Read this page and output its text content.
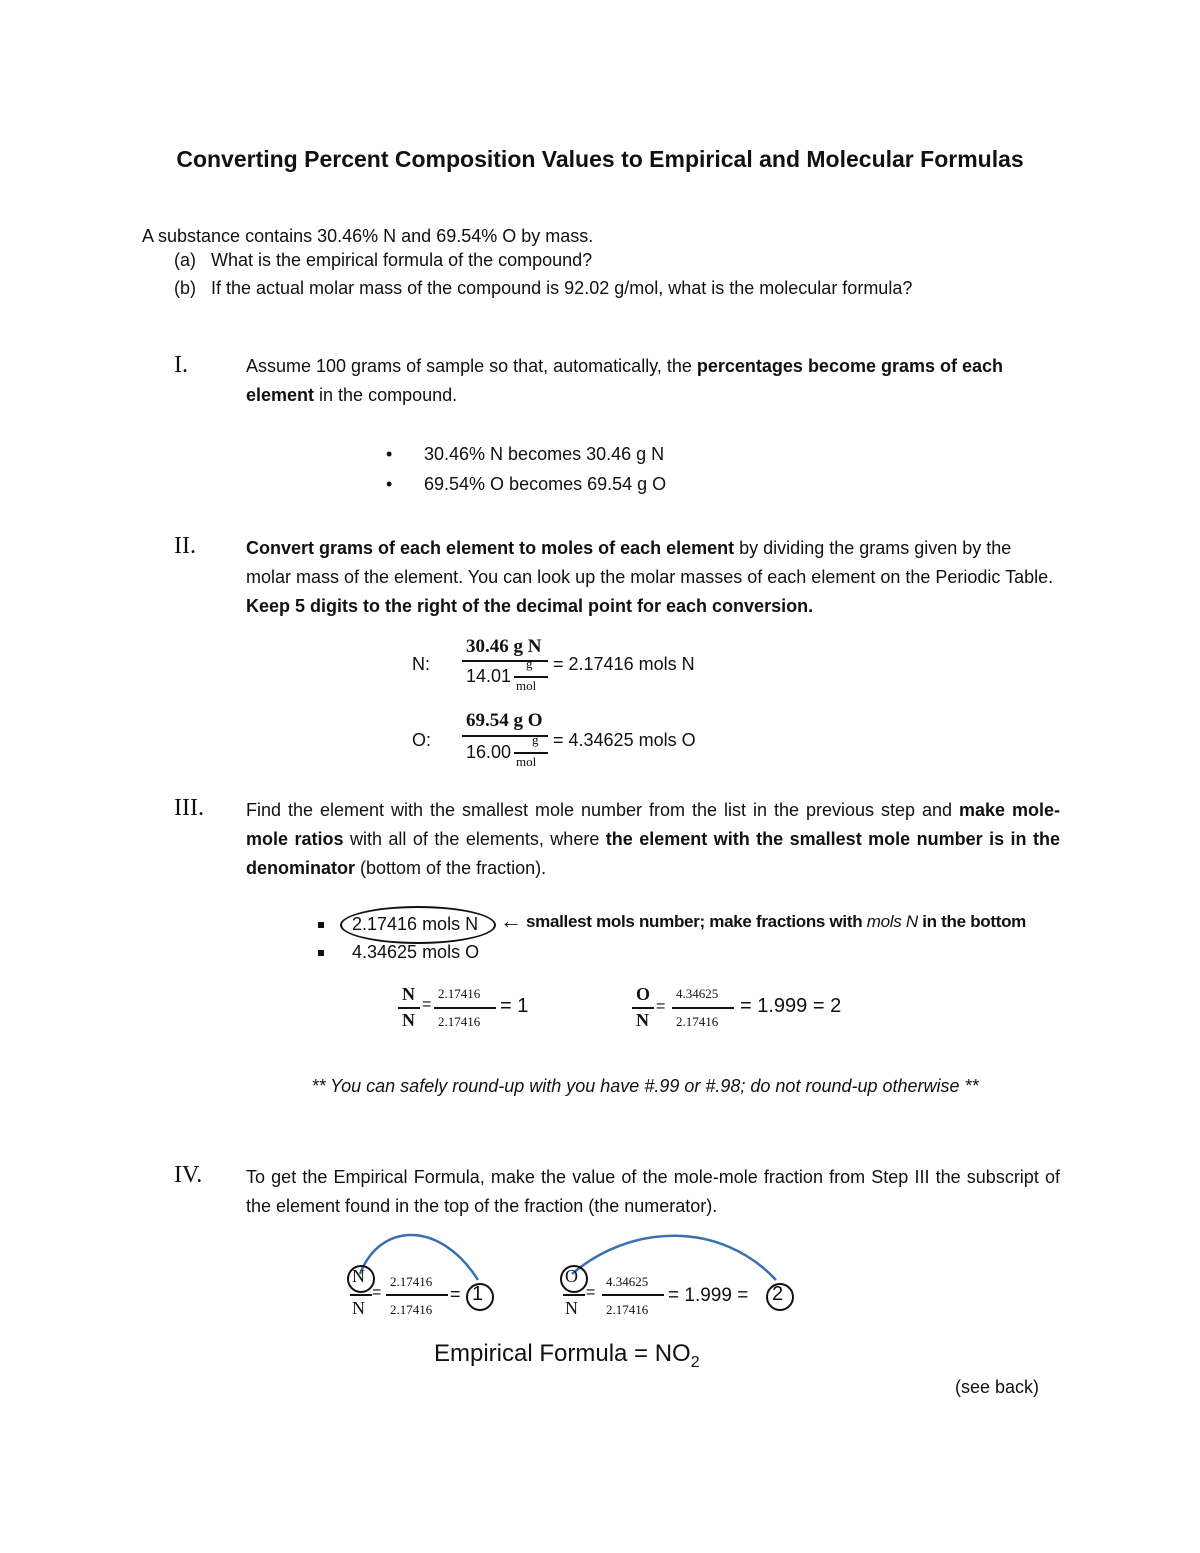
Converting Percent Composition Values to Empirical and Molecular Formulas
A substance contains 30.46% N and 69.54% O by mass.
(a) What is the empirical formula of the compound?
(b) If the actual molar mass of the compound is 92.02 g/mol, what is the molecular formula?
I.	Assume 100 grams of sample so that, automatically, the percentages become grams of each element in the compound.
• 30.46% N becomes 30.46 g N
• 69.54% O becomes 69.54 g O
II.	Convert grams of each element to moles of each element by dividing the grams given by the molar mass of the element. You can look up the molar masses of each element on the Periodic Table. Keep 5 digits to the right of the decimal point for each conversion.
N:
30.46 g N
14.01
g
mol
= 2.17416 mols N
O:
69.54 g O
16.00
g
mol
= 4.34625 mols O
III. Find the element with the smallest mole number from the list in the previous step and make mole-mole ratios with all of the elements, where the element with the smallest mole number is in the denominator (bottom of the fraction).
2.17416 mols N ← smallest mols number; make fractions with mols N in the bottom
4.34625 mols O
N
N
=
2.17416
2.17416
= 1
O
N
=
4.34625
2.17416
= 1.999 = 2
** You can safely round-up with you have #.99 or #.98; do not round-up otherwise **
IV. To get the Empirical Formula, make the value of the mole-mole fraction from Step III the subscript of the element found in the top of the fraction (the numerator).
N
N
=
2.17416
2.17416
= 1
O
N
=
4.34625
2.17416
= 1.999 = 2
Empirical Formula = $NO_2$
(see back)
